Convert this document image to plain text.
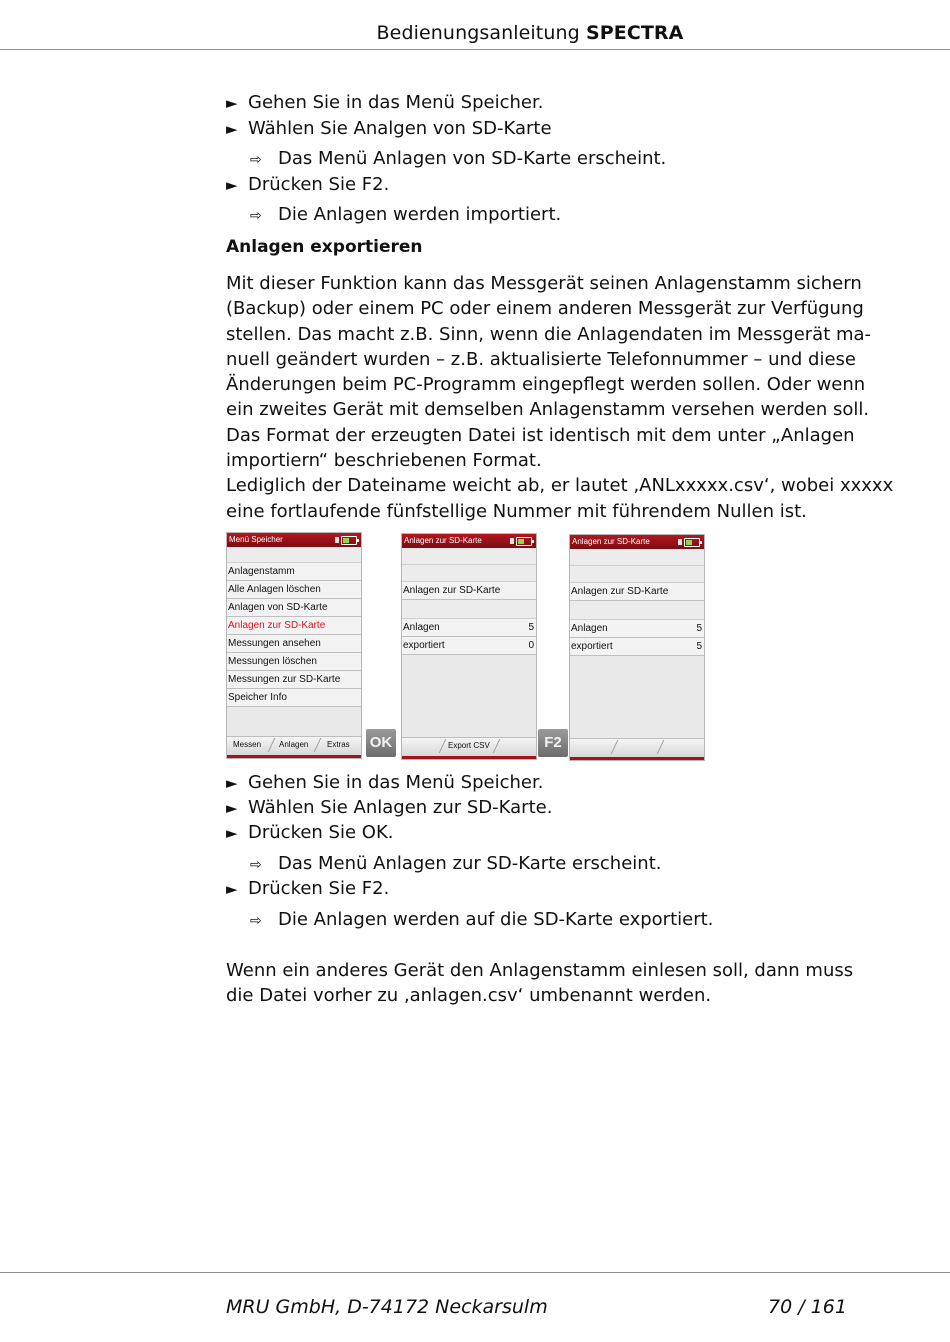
Bedienungsanleitung SPECTRA
► Gehen Sie in das Menü Speicher.
► Wählen Sie Analgen von SD-Karte
⇨ Das Menü Anlagen von SD-Karte erscheint.
► Drücken Sie F2.
⇨ Die Anlagen werden importiert.
Anlagen exportieren
Mit dieser Funktion kann das Messgerät seinen Anlagenstamm sichern
(Backup) oder einem PC oder einem anderen Messgerät zur Verfügung
stellen. Das macht z.B. Sinn, wenn die Anlagendaten im Messgerät ma-
nuell geändert wurden – z.B. aktualisierte Telefonnummer – und diese
Änderungen beim PC-Programm eingepflegt werden sollen. Oder wenn
ein zweites Gerät mit demselben Anlagenstamm versehen werden soll.
Das Format der erzeugten Datei ist identisch mit dem unter „Anlagen
importiern“ beschriebenen Format.
Lediglich der Dateiname weicht ab, er lautet ‚ANLxxxxx.csv‘, wobei xxxxx
eine fortlaufende fünfstellige Nummer mit führendem Nullen ist.
► Gehen Sie in das Menü Speicher.
► Wählen Sie Anlagen zur SD-Karte.
► Drücken Sie OK.
⇨ Das Menü Anlagen zur SD-Karte erscheint.
► Drücken Sie F2.
⇨ Die Anlagen werden auf die SD-Karte exportiert.
Wenn ein anderes Gerät den Anlagenstamm einlesen soll, dann muss
die Datei vorher zu ‚anlagen.csv‘ umbenannt werden.
Menü Speicher
Anlagenstamm
Alle Anlagen löschen
Anlagen von SD-Karte
Anlagen zur SD-Karte
Messungen ansehen
Messungen löschen
Messungen zur SD-Karte
Speicher Info
Messen Anlagen Extras OK
Anlagen zur SD-Karte
Anlagen zur SD-Karte
Anlagen	5
exportiert	0
Export CSV	F2
Anlagen zur SD-Karte
Anlagen zur SD-Karte
Anlagen	5
exportiert	5
MRU GmbH, D-74172 Neckarsulm	70 / 161
